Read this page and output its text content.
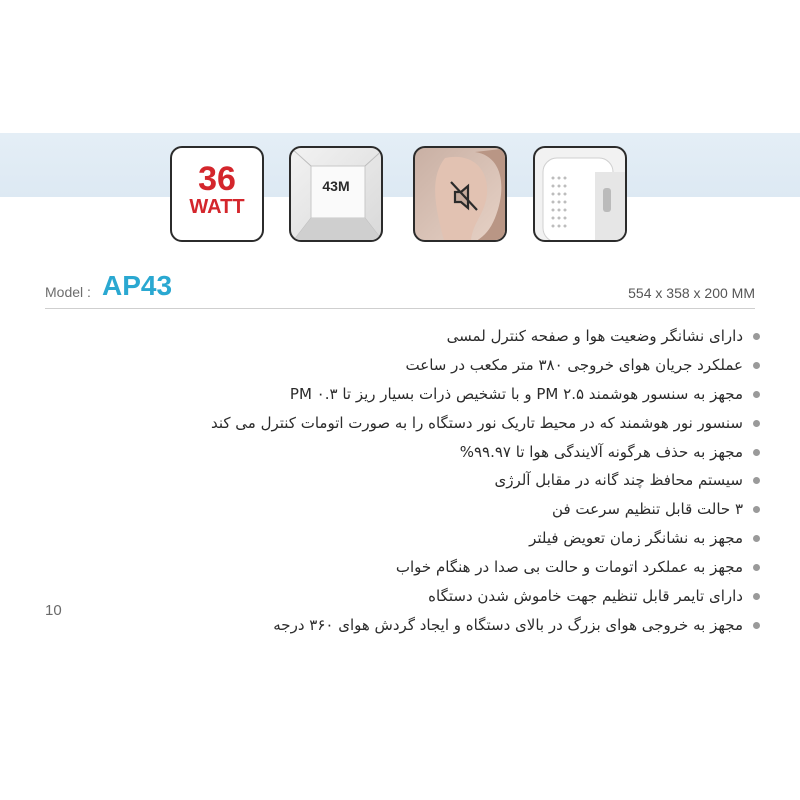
36
WATT
43M
Model : AP43	554 x 358 x 200 MM
دارای نشانگر وضعیت هوا و صفحه کنترل لمسی
عملکرد جریان هوای خروجی ۳۸۰ متر مکعب در ساعت
مجهز به سنسور هوشمند PM ۲.۵ و با تشخیص ذرات بسیار ریز تا PM ۰.۳
سنسور نور هوشمند که در محیط تاریک نور دستگاه را به صورت اتومات کنترل می کند
مجهز به حذف هرگونه آلایندگی هوا تا ۹۹.۹۷%
سیستم محافظ چند گانه در مقابل آلرژی
۳ حالت قابل تنظیم سرعت فن
مجهز به نشانگر زمان تعویض فیلتر
مجهز به عملکرد اتومات و حالت بی صدا در هنگام خواب
دارای تایمر قابل تنظیم جهت خاموش شدن دستگاه
مجهز به خروجی هوای بزرگ در بالای دستگاه و ایجاد گردش هوای ۳۶۰ درجه
10
